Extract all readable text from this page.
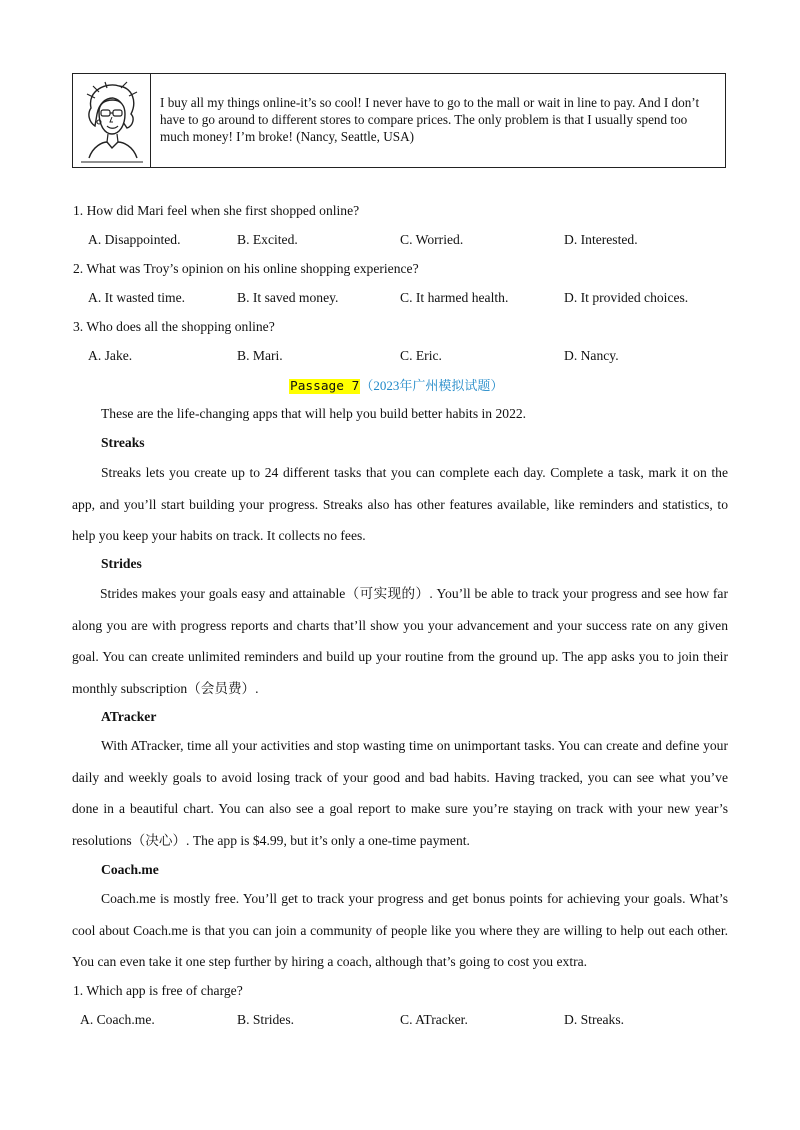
I buy all my things online-it’s so cool! I never have to go to the mall or wait in line to pay. And I don’t have to go around to different stores to compare prices. The only problem is that I usually spend too much money! I’m broke! (Nancy, Seattle, USA)
1. How did Mari feel when she first shopped online?
A. Disappointed.	B. Excited.	C. Worried.	D. Interested.
2. What was Troy’s opinion on his online shopping experience?
A. It wasted time.	B. It saved money.	C. It harmed health.	D. It provided choices.
3. Who does all the shopping online?
A. Jake.	B. Mari.	C. Eric.	D. Nancy.
Passage 7（2023年广州模拟试题）
These are the life-changing apps that will help you build better habits in 2022.
Streaks
Streaks lets you create up to 24 different tasks that you can complete each day. Complete a task, mark it on the app, and you’ll start building your progress. Streaks also has other features available, like reminders and statistics, to help you keep your habits on track. It collects no fees.
Strides
Strides makes your goals easy and attainable（可实现的）. You’ll be able to track your progress and see how far along you are with progress reports and charts that’ll show you your advancement and your success rate on any given goal. You can create unlimited reminders and build up your routine from the ground up. The app asks you to join their monthly subscription（会员费）.
ATracker
With ATracker, time all your activities and stop wasting time on unimportant tasks. You can create and define your daily and weekly goals to avoid losing track of your good and bad habits. Having tracked, you can see what you’ve done in a beautiful chart. You can also see a goal report to make sure you’re staying on track with your new year’s resolutions（决心）. The app is $4.99, but it’s only a one-time payment.
Coach.me
Coach.me is mostly free. You’ll get to track your progress and get bonus points for achieving your goals. What’s cool about Coach.me is that you can join a community of people like you where they are willing to help out each other. You can even take it one step further by hiring a coach, although that’s going to cost you extra.
1. Which app is free of charge?
A. Coach.me.	B. Strides.	C. ATracker.	D. Streaks.
